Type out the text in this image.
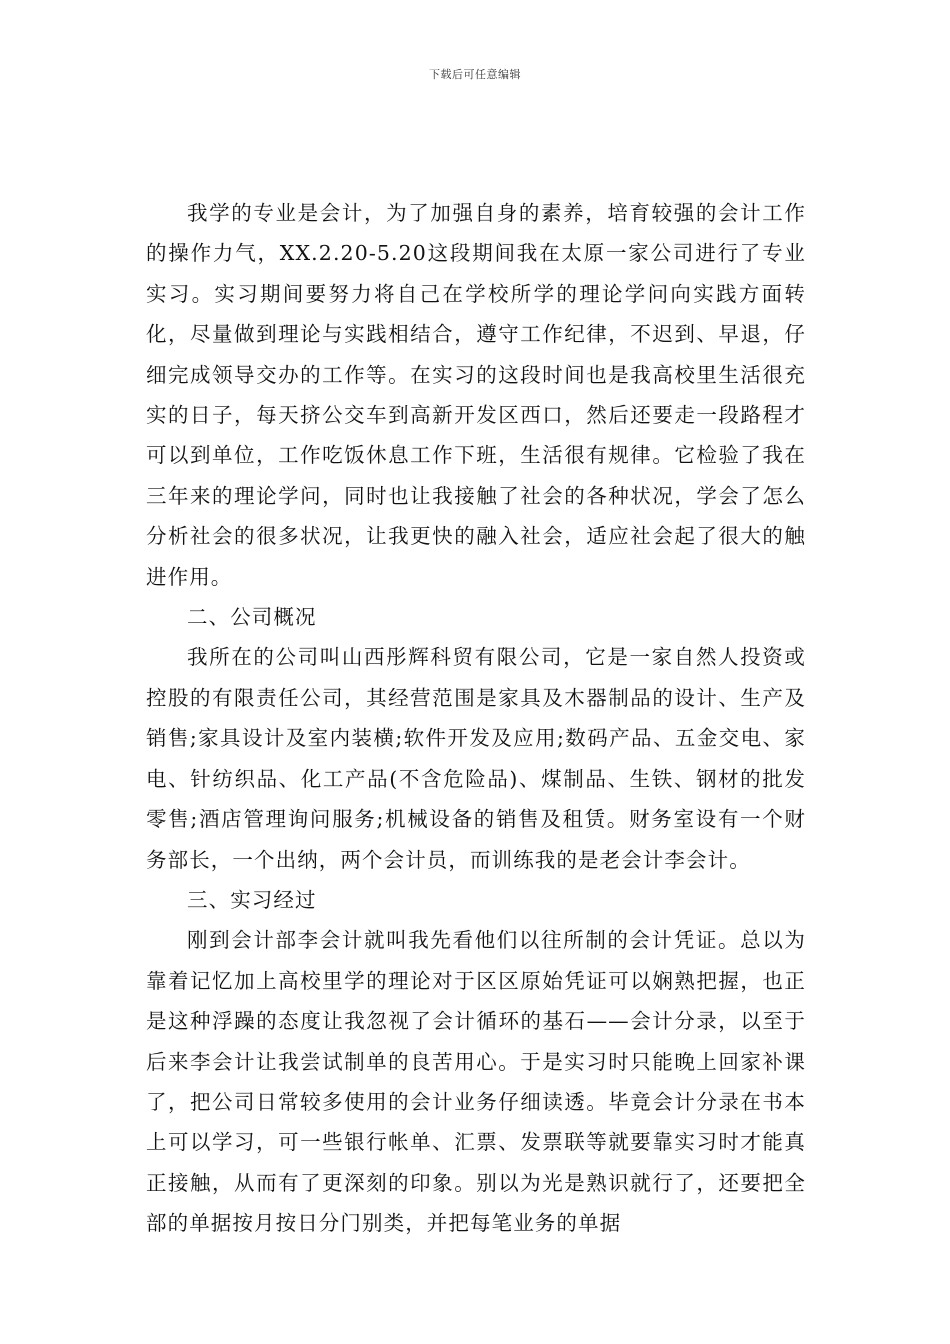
下载后可任意编辑

我学的专业是会计，为了加强自身的素养，培育较强的会计工作的操作力气，XX.2.20-5.20这段期间我在太原一家公司进行了专业实习。实习期间要努力将自己在学校所学的理论学问向实践方面转化，尽量做到理论与实践相结合，遵守工作纪律，不迟到、早退，仔细完成领导交办的工作等。在实习的这段时间也是我高校里生活很充实的日子，每天挤公交车到高新开发区西口，然后还要走一段路程才可以到单位，工作吃饭休息工作下班，生活很有规律。它检验了我在三年来的理论学问，同时也让我接触了社会的各种状况，学会了怎么分析社会的很多状况，让我更快的融入社会，适应社会起了很大的触进作用。

二、公司概况

我所在的公司叫山西彤辉科贸有限公司，它是一家自然人投资或控股的有限责任公司，其经营范围是家具及木器制品的设计、生产及销售;家具设计及室内装横;软件开发及应用;数码产品、五金交电、家电、针纺织品、化工产品(不含危险品)、煤制品、生铁、钢材的批发零售;酒店管理询问服务;机械设备的销售及租赁。财务室设有一个财务部长，一个出纳，两个会计员，而训练我的是老会计李会计。

三、实习经过

刚到会计部李会计就叫我先看他们以往所制的会计凭证。总以为靠着记忆加上高校里学的理论对于区区原始凭证可以娴熟把握，也正是这种浮躁的态度让我忽视了会计循环的基石——会计分录，以至于后来李会计让我尝试制单的良苦用心。于是实习时只能晚上回家补课了，把公司日常较多使用的会计业务仔细读透。毕竟会计分录在书本上可以学习，可一些银行帐单、汇票、发票联等就要靠实习时才能真正接触，从而有了更深刻的印象。别以为光是熟识就行了，还要把全部的单据按月按日分门别类，并把每笔业务的单据
